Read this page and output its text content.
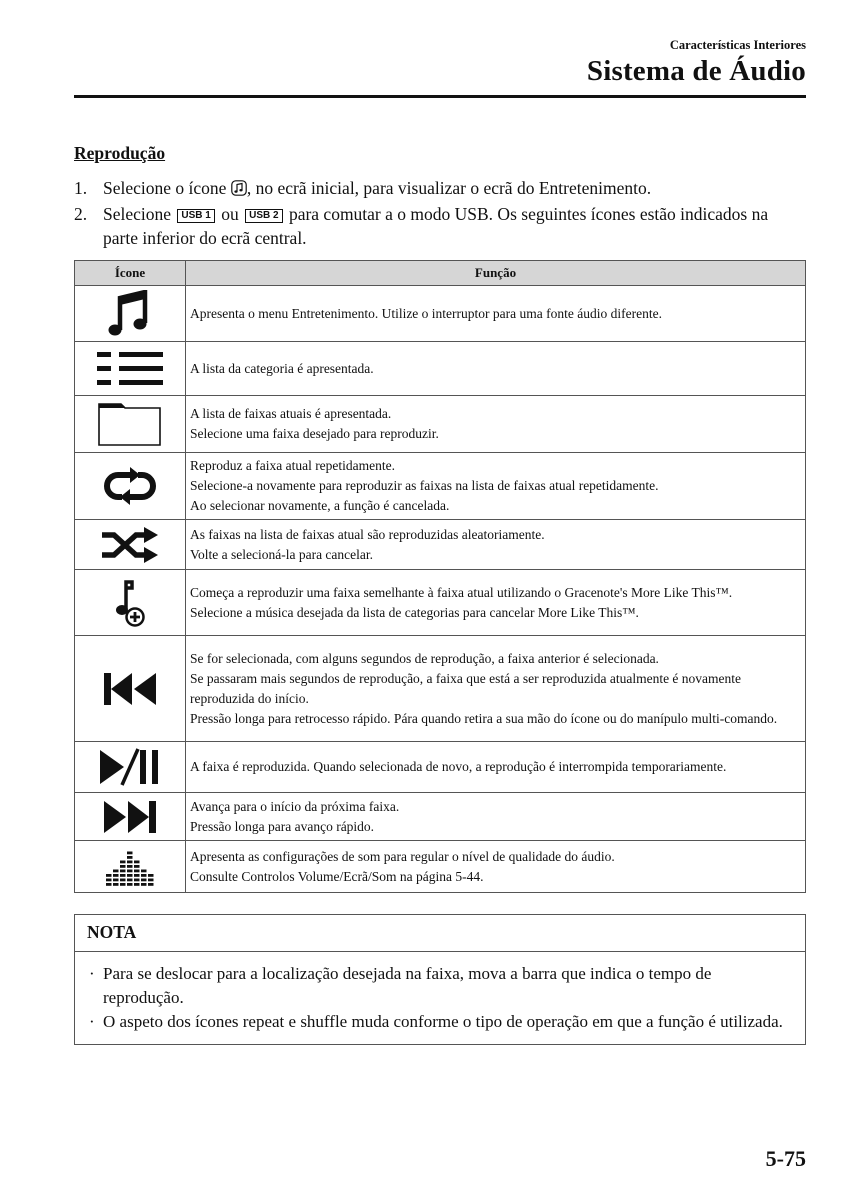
Características Interiores
Sistema de Áudio
Reprodução
1. Selecione o ícone , no ecrã inicial, para visualizar o ecrã do Entretenimento.
2. Selecione USB 1 ou USB 2 para comutar a o modo USB. Os seguintes ícones estão indicados na parte inferior do ecrã central.
Ícone	Função

Apresenta o menu Entretenimento. Utilize o interruptor para uma fonte áudio diferente.

A lista da categoria é apresentada.

A lista de faixas atuais é apresentada.
Selecione uma faixa desejado para reproduzir.

Reproduz a faixa atual repetidamente.
Selecione-a novamente para reproduzir as faixas na lista de faixas atual repetidamente.
Ao selecionar novamente, a função é cancelada.

As faixas na lista de faixas atual são reproduzidas aleatoriamente.
Volte a selecioná-la para cancelar.

Começa a reproduzir uma faixa semelhante à faixa atual utilizando o Gracenote's More Like This™.
Selecione a música desejada da lista de categorias para cancelar More Like This™.

Se for selecionada, com alguns segundos de reprodução, a faixa anterior é selecionada.
Se passaram mais segundos de reprodução, a faixa que está a ser reproduzida atualmente é novamente reproduzida do início.
Pressão longa para retrocesso rápido. Pára quando retira a sua mão do ícone ou do manípulo multi-comando.

A faixa é reproduzida. Quando selecionada de novo, a reprodução é interrompida temporariamente.

Avança para o início da próxima faixa.
Pressão longa para avanço rápido.

Apresenta as configurações de som para regular o nível de qualidade do áudio.
Consulte Controlos Volume/Ecrã/Som na página 5-44.
NOTA
· Para se deslocar para a localização desejada na faixa, mova a barra que indica o tempo de reprodução.
· O aspeto dos ícones repeat e shuffle muda conforme o tipo de operação em que a função é utilizada.
5-75
